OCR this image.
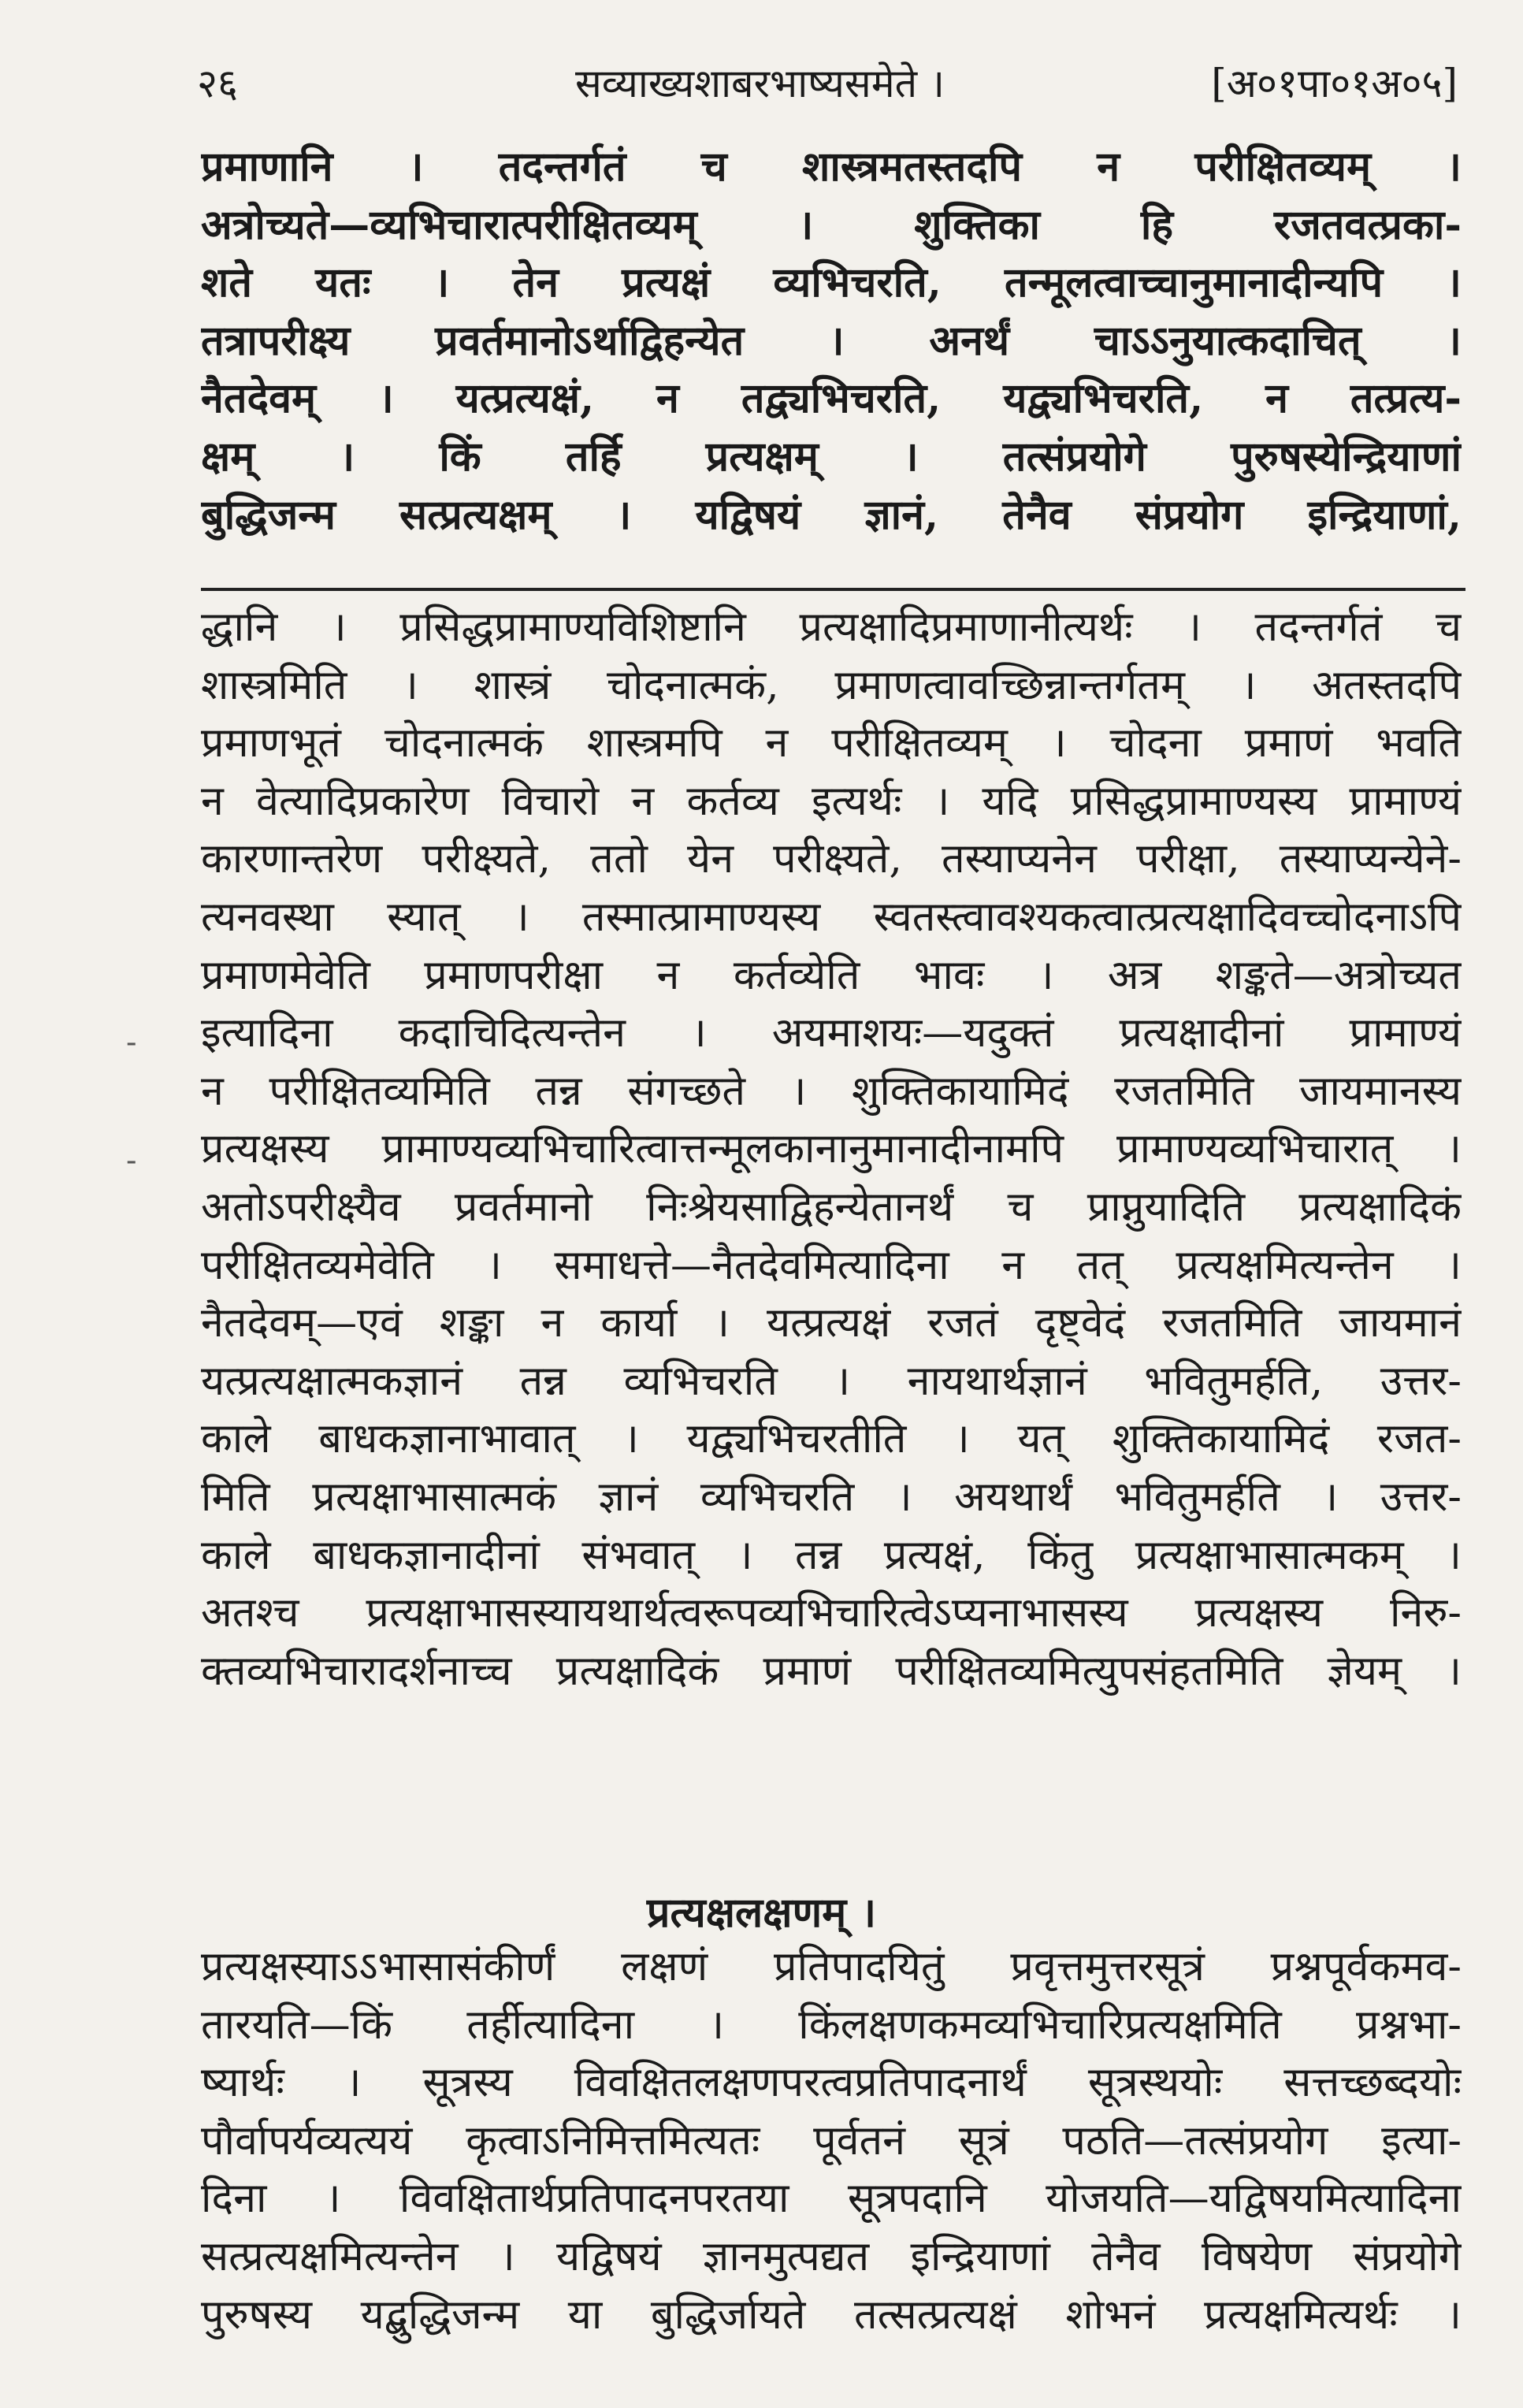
२६	सव्याख्यशाबरभाष्यसमेते ।	[अ०१पा०१अ०५]
प्रमाणानि । तदन्तर्गतं च शास्त्रमतस्तदपि न परीक्षितव्यम् ।
अत्रोच्यते—व्यभिचारात्परीक्षितव्यम् । शुक्तिका हि रजतवत्प्रका-
शते यतः । तेन प्रत्यक्षं व्यभिचरति, तन्मूलत्वाच्चानुमानादीन्यपि ।
तत्रापरीक्ष्य प्रवर्तमानोऽर्थाद्विहन्येत । अनर्थं चाऽऽनुयात्कदाचित् ।
नैतदेवम् । यत्प्रत्यक्षं, न तद्व्यभिचरति, यद्व्यभिचरति, न तत्प्रत्य-
क्षम् । किं तर्हि प्रत्यक्षम् । तत्संप्रयोगे पुरुषस्येन्द्रियाणां
बुद्धिजन्म सत्प्रत्यक्षम् । यद्विषयं ज्ञानं, तेनैव संप्रयोग इन्द्रियाणां,
द्धानि । प्रसिद्धप्रामाण्यविशिष्टानि प्रत्यक्षादिप्रमाणानीत्यर्थः । तदन्तर्गतं च
शास्त्रमिति । शास्त्रं चोदनात्मकं, प्रमाणत्वावच्छिन्नान्तर्गतम् । अतस्तदपि
प्रमाणभूतं चोदनात्मकं शास्त्रमपि न परीक्षितव्यम् । चोदना प्रमाणं भवति
न वेत्यादिप्रकारेण विचारो न कर्तव्य इत्यर्थः । यदि प्रसिद्धप्रामाण्यस्य प्रामाण्यं
कारणान्तरेण परीक्ष्यते, ततो येन परीक्ष्यते, तस्याप्यनेन परीक्षा, तस्याप्यन्येने-
त्यनवस्था स्यात् । तस्मात्प्रामाण्यस्य स्वतस्त्वावश्यकत्वात्प्रत्यक्षादिवच्चोदनाऽपि
प्रमाणमेवेति प्रमाणपरीक्षा न कर्तव्येति भावः । अत्र शङ्कते—अत्रोच्यत
इत्यादिना कदाचिदित्यन्तेन । अयमाशयः—यदुक्तं प्रत्यक्षादीनां प्रामाण्यं
न परीक्षितव्यमिति तन्न संगच्छते । शुक्तिकायामिदं रजतमिति जायमानस्य
प्रत्यक्षस्य प्रामाण्यव्यभिचारित्वात्तन्मूलकानानुमानादीनामपि प्रामाण्यव्यभिचारात् ।
अतोऽपरीक्ष्यैव प्रवर्तमानो निःश्रेयसाद्विहन्येतानर्थं च प्राप्नुयादिति प्रत्यक्षादिकं
परीक्षितव्यमेवेति । समाधत्ते—नैतदेवमित्यादिना न तत् प्रत्यक्षमित्यन्तेन ।
नैतदेवम्—एवं शङ्का न कार्या । यत्प्रत्यक्षं रजतं दृष्ट्वेदं रजतमिति जायमानं
यत्प्रत्यक्षात्मकज्ञानं तन्न व्यभिचरति । नायथार्थज्ञानं भवितुमर्हति, उत्तर-
काले बाधकज्ञानाभावात् । यद्व्यभिचरतीति । यत् शुक्तिकायामिदं रजत-
मिति प्रत्यक्षाभासात्मकं ज्ञानं व्यभिचरति । अयथार्थं भवितुमर्हति । उत्तर-
काले बाधकज्ञानादीनां संभवात् । तन्न प्रत्यक्षं, किंतु प्रत्यक्षाभासात्मकम् ।
अतश्च प्रत्यक्षाभासस्यायथार्थत्वरूपव्यभिचारित्वेऽप्यनाभासस्य प्रत्यक्षस्य निरु-
क्तव्यभिचारादर्शनाच्च प्रत्यक्षादिकं प्रमाणं परीक्षितव्यमित्युपसंहतमिति ज्ञेयम् ।
प्रत्यक्षलक्षणम् ।
प्रत्यक्षस्याऽऽभासासंकीर्णं लक्षणं प्रतिपादयितुं प्रवृत्तमुत्तरसूत्रं प्रश्नपूर्वकमव-
तारयति—किं तर्हीत्यादिना । किंलक्षणकमव्यभिचारिप्रत्यक्षमिति प्रश्नभा-
ष्यार्थः । सूत्रस्य विवक्षितलक्षणपरत्वप्रतिपादनार्थं सूत्रस्थयोः सत्तच्छब्दयोः
पौर्वापर्यव्यत्ययं कृत्वाऽनिमित्तमित्यतः पूर्वतनं सूत्रं पठति—तत्संप्रयोग इत्या-
दिना । विवक्षितार्थप्रतिपादनपरतया सूत्रपदानि योजयति—यद्विषयमित्यादिना
सत्प्रत्यक्षमित्यन्तेन । यद्विषयं ज्ञानमुत्पद्यत इन्द्रियाणां तेनैव विषयेण संप्रयोगे
पुरुषस्य यद्बुद्धिजन्म या बुद्धिर्जायते तत्सत्प्रत्यक्षं शोभनं प्रत्यक्षमित्यर्थः ।
-
-
